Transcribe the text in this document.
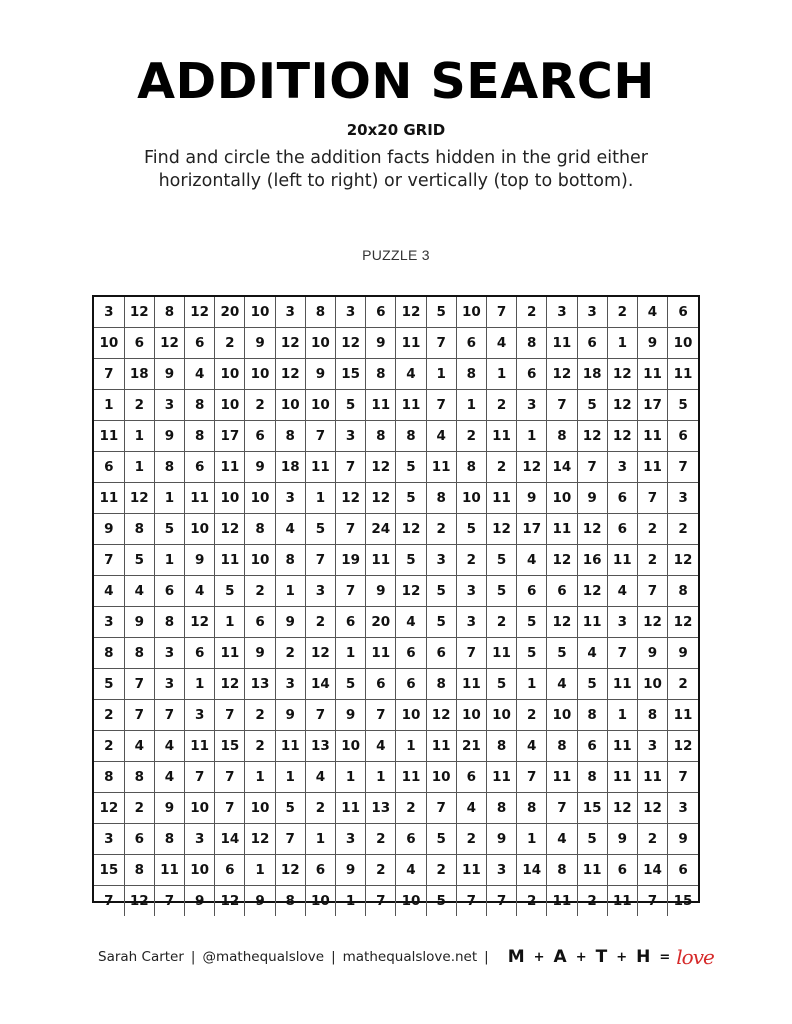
ADDITION SEARCH
20x20 GRID
Find and circle the addition facts hidden in the grid either
horizontally (left to right) or vertically (top to bottom).
PUZZLE 3
3	12	8	12	20	10	3	8	3	6	12	5	10	7	2	3	3	2	4	6
10	6	12	6	2	9	12	10	12	9	11	7	6	4	8	11	6	1	9	10
7	18	9	4	10	10	12	9	15	8	4	1	8	1	6	12	18	12	11	11
1	2	3	8	10	2	10	10	5	11	11	7	1	2	3	7	5	12	17	5
11	1	9	8	17	6	8	7	3	8	8	4	2	11	1	8	12	12	11	6
6	1	8	6	11	9	18	11	7	12	5	11	8	2	12	14	7	3	11	7
11	12	1	11	10	10	3	1	12	12	5	8	10	11	9	10	9	6	7	3
9	8	5	10	12	8	4	5	7	24	12	2	5	12	17	11	12	6	2	2
7	5	1	9	11	10	8	7	19	11	5	3	2	5	4	12	16	11	2	12
4	4	6	4	5	2	1	3	7	9	12	5	3	5	6	6	12	4	7	8
3	9	8	12	1	6	9	2	6	20	4	5	3	2	5	12	11	3	12	12
8	8	3	6	11	9	2	12	1	11	6	6	7	11	5	5	4	7	9	9
5	7	3	1	12	13	3	14	5	6	6	8	11	5	1	4	5	11	10	2
2	7	7	3	7	2	9	7	9	7	10	12	10	10	2	10	8	1	8	11
2	4	4	11	15	2	11	13	10	4	1	11	21	8	4	8	6	11	3	12
8	8	4	7	7	1	1	4	1	1	11	10	6	11	7	11	8	11	11	7
12	2	9	10	7	10	5	2	11	13	2	7	4	8	8	7	15	12	12	3
3	6	8	3	14	12	7	1	3	2	6	5	2	9	1	4	5	9	2	9
15	8	11	10	6	1	12	6	9	2	4	2	11	3	14	8	11	6	14	6
7	12	7	9	12	9	8	10	1	7	10	5	7	7	2	11	2	11	7	15
Sarah Carter | @mathequalslove | mathequalslove.net | M + A + T + H = love
